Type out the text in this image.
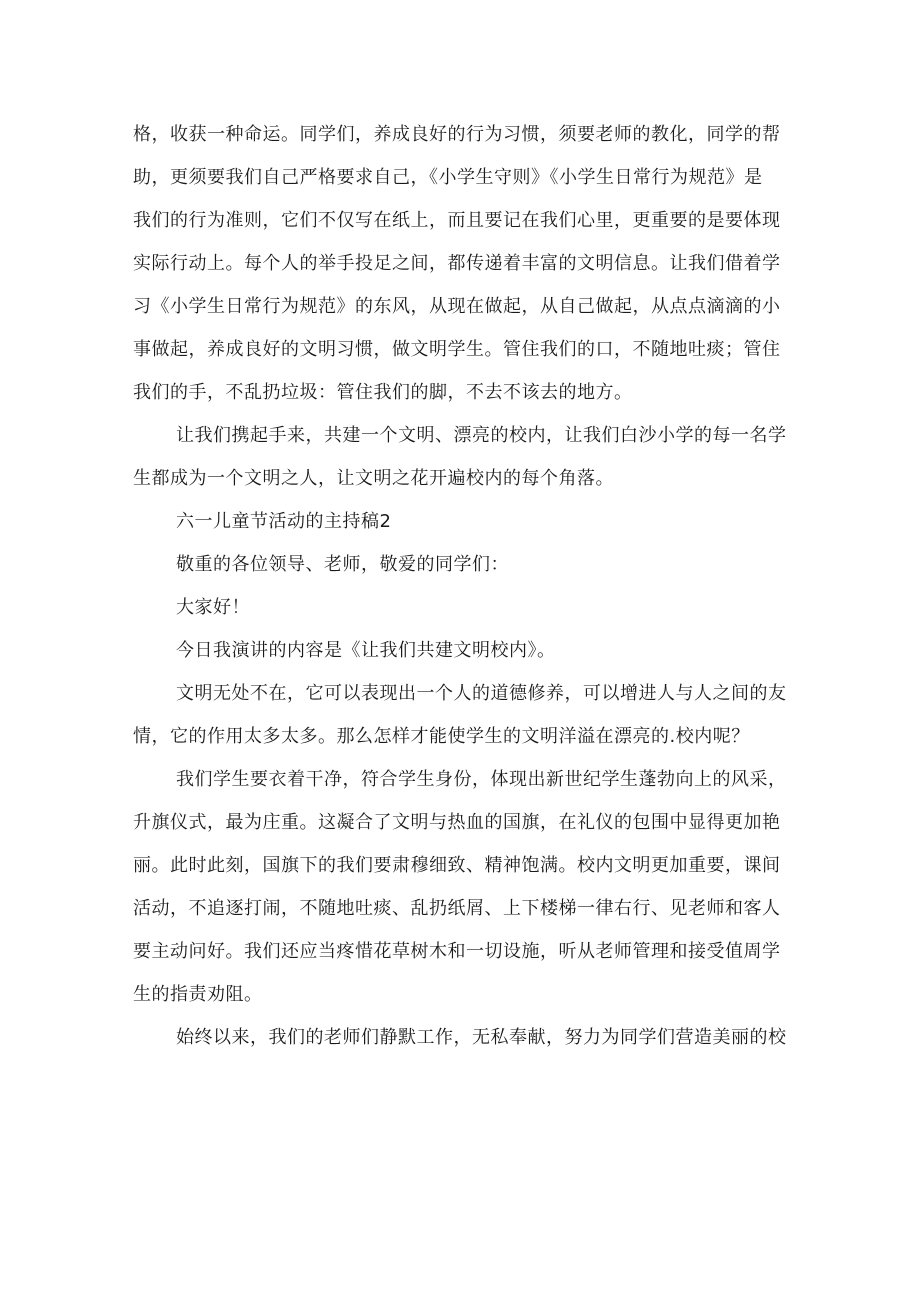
格，收获一种命运。同学们，养成良好的行为习惯，须要老师的教化，同学的帮
助，更须要我们自己严格要求自己，《小学生守则》《小学生日常行为规范》是
我们的行为准则，它们不仅写在纸上，而且要记在我们心里，更重要的是要体现
实际行动上。每个人的举手投足之间，都传递着丰富的文明信息。让我们借着学
习《小学生日常行为规范》的东风，从现在做起，从自己做起，从点点滴滴的小
事做起，养成良好的文明习惯，做文明学生。管住我们的口，不随地吐痰；管住
我们的手，不乱扔垃圾：管住我们的脚，不去不该去的地方。
让我们携起手来，共建一个文明、漂亮的校内，让我们白沙小学的每一名学
生都成为一个文明之人，让文明之花开遍校内的每个角落。
六一儿童节活动的主持稿2
敬重的各位领导、老师，敬爱的同学们：
大家好！
今日我演讲的内容是《让我们共建文明校内》。
文明无处不在，它可以表现出一个人的道德修养，可以增进人与人之间的友
情，它的作用太多太多。那么怎样才能使学生的文明洋溢在漂亮的.校内呢？
我们学生要衣着干净，符合学生身份，体现出新世纪学生蓬勃向上的风采，
升旗仪式，最为庄重。这凝合了文明与热血的国旗，在礼仪的包围中显得更加艳
丽。此时此刻，国旗下的我们要肃穆细致、精神饱满。校内文明更加重要，课间
活动，不追逐打闹，不随地吐痰、乱扔纸屑、上下楼梯一律右行、见老师和客人
要主动问好。我们还应当疼惜花草树木和一切设施，听从老师管理和接受值周学
生的指责劝阻。
始终以来，我们的老师们静默工作，无私奉献，努力为同学们营造美丽的校
